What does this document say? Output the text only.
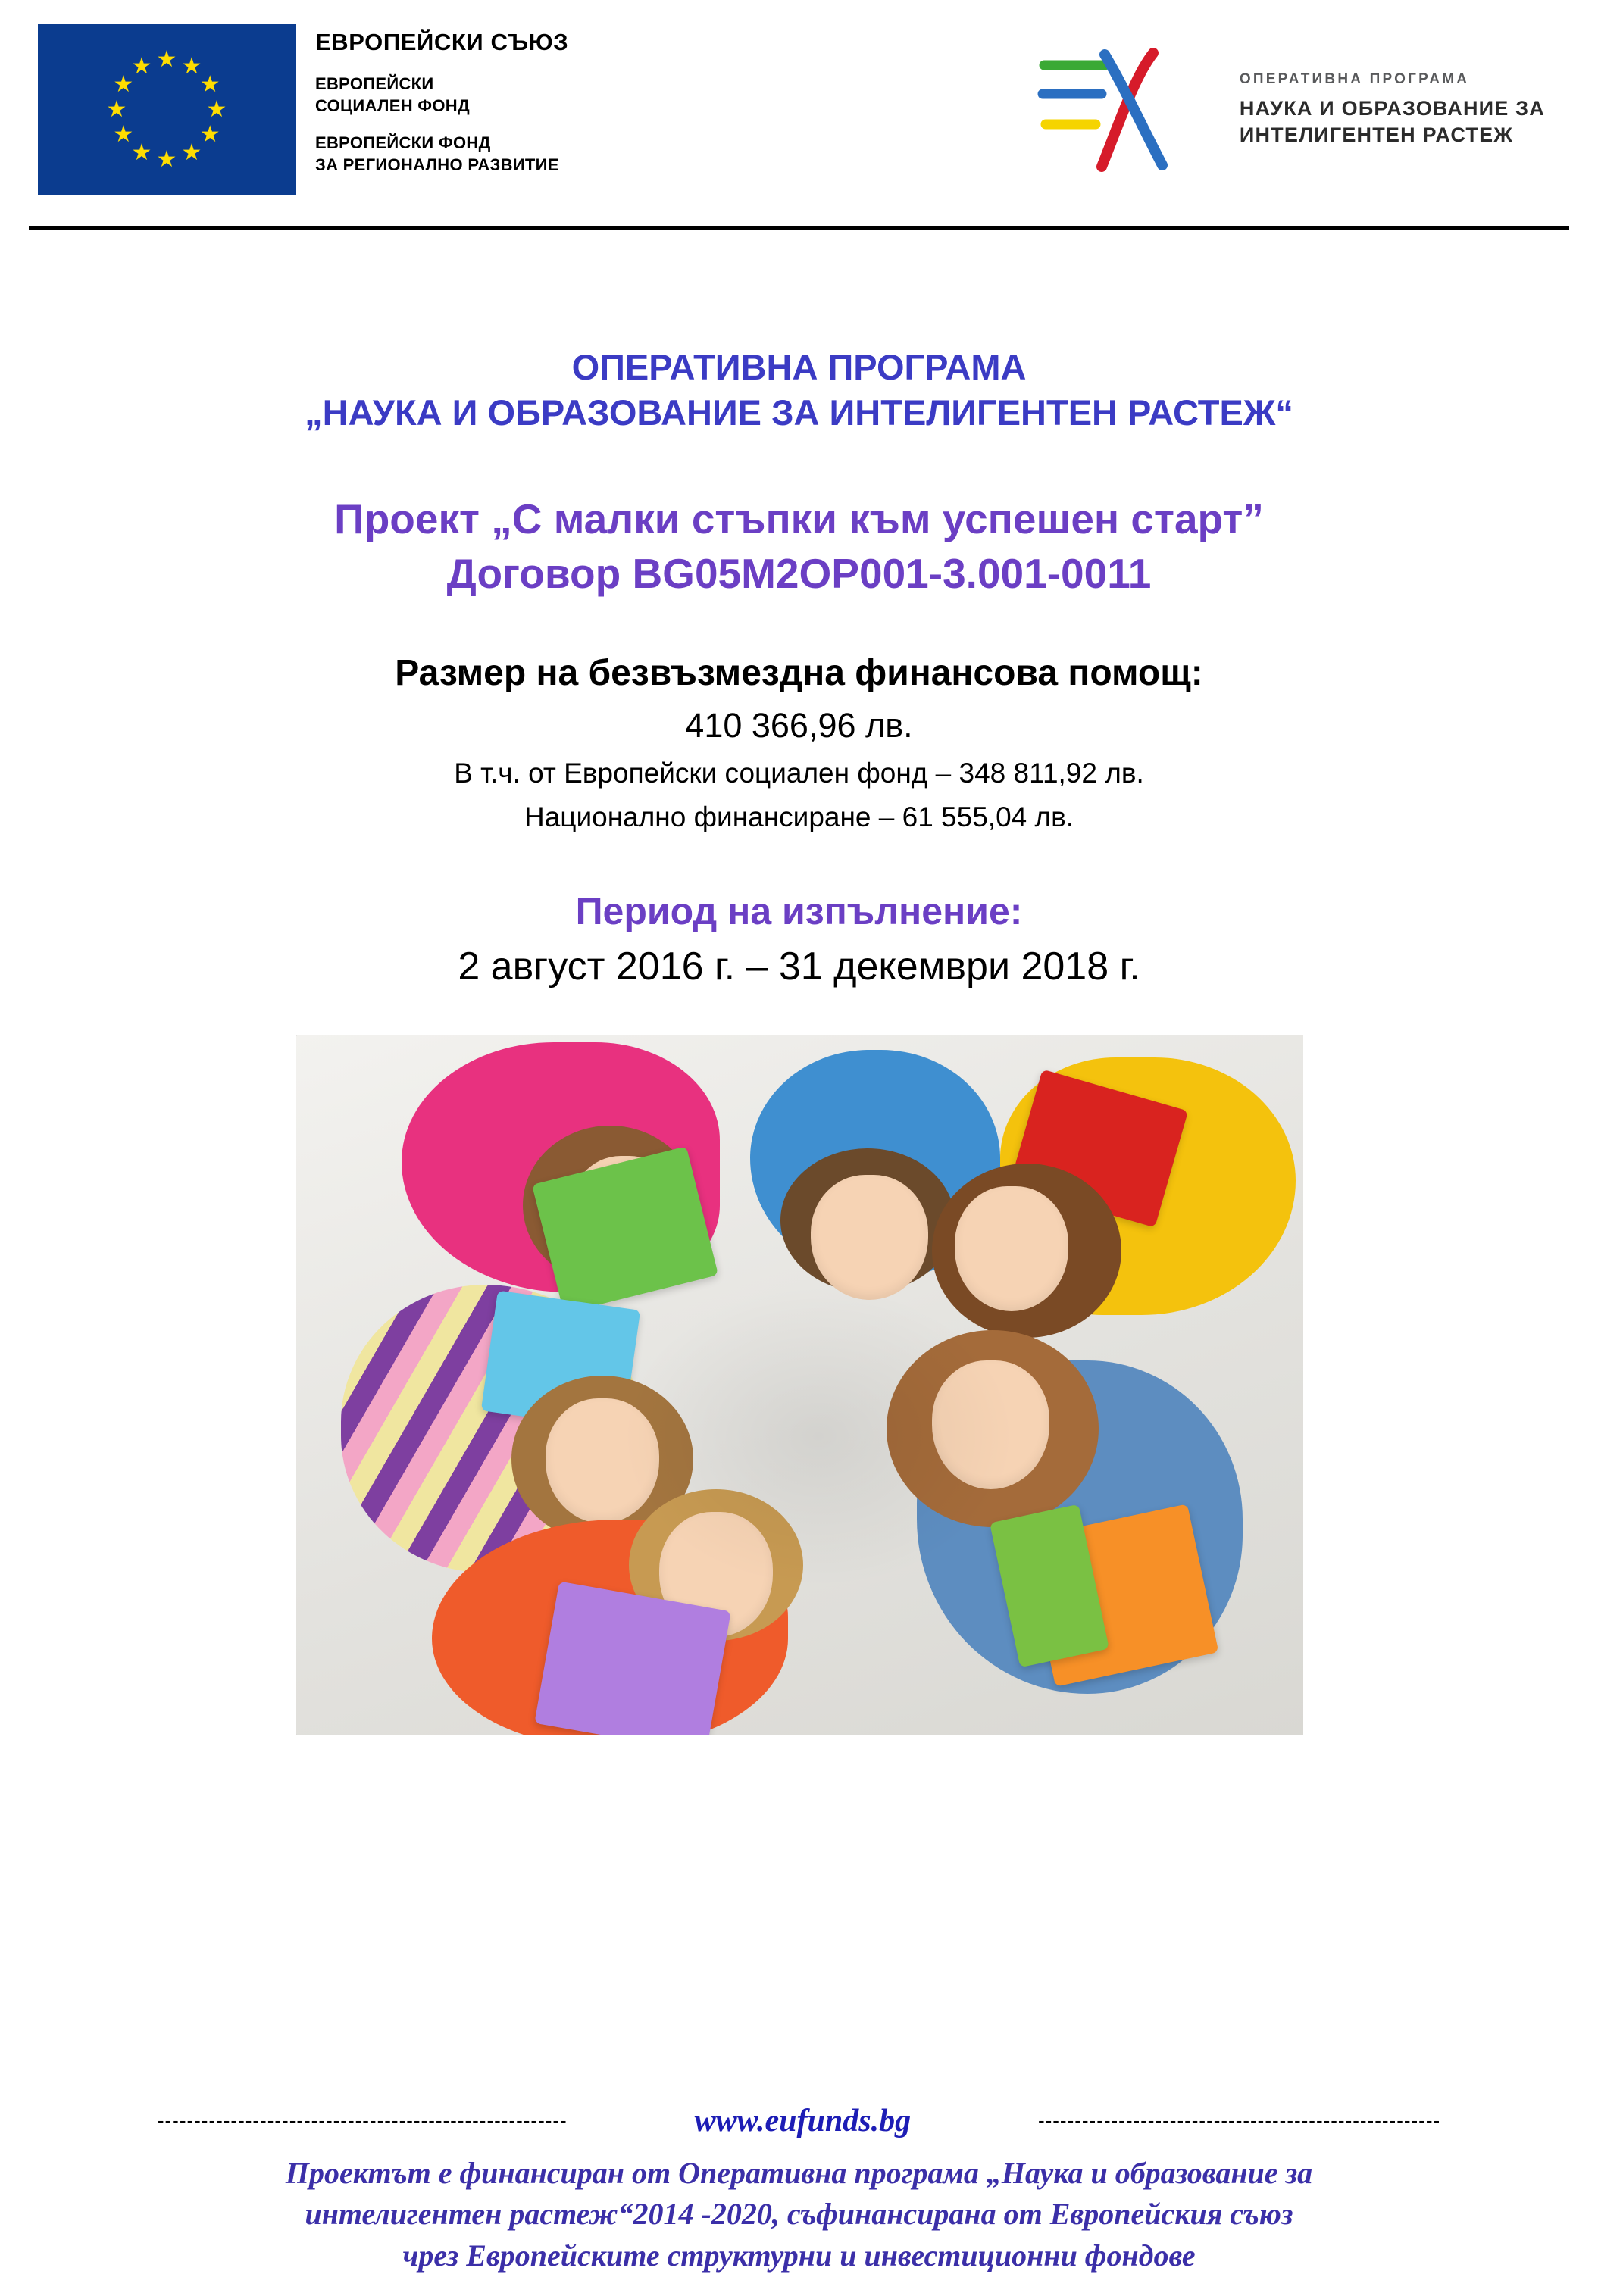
★ ★
★
★
★
★
★
★
★
★
★
★
ЕВРОПЕЙСКИ СЪЮЗ
ЕВРОПЕЙСКИ
СОЦИАЛЕН ФОНД
ЕВРОПЕЙСКИ ФОНД
ЗА РЕГИОНАЛНО РАЗВИТИЕ
ОПЕРАТИВНА ПРОГРАМА
НАУКА И ОБРАЗОВАНИЕ ЗА
ИНТЕЛИГЕНТЕН РАСТЕЖ
ОПЕРАТИВНА ПРОГРАМА
„НАУКА И ОБРАЗОВАНИЕ ЗА ИНТЕЛИГЕНТЕН РАСТЕЖ“
Проект „С малки стъпки към успешен старт”
Договор BG05M2OP001-3.001-0011
Размер на безвъзмездна финансова помощ:
410 366,96 лв.
В т.ч. от Европейски социален фонд – 348 811,92 лв.
Национално финансиране – 61 555,04 лв.
Период на изпълнение:
2 август 2016 г. – 31 декември 2018 г.
--------------------------------------------------------	www.eufunds.bg	-------------------------------------------------------
Проектът е финансиран от Оперативна програма „Наука и образование за
интелигентен растеж“2014 -2020, съфинансирана от Европейския съюз
чрез Европейските структурни и инвестиционни фондове
